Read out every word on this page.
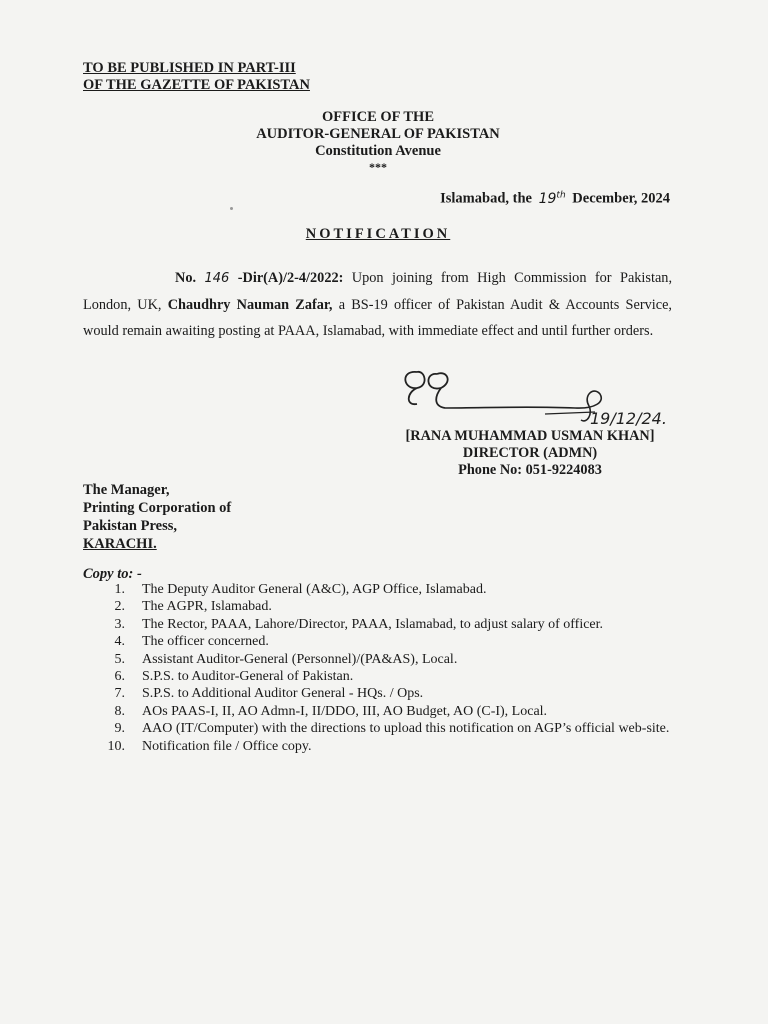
TO BE PUBLISHED IN PART-III
OF THE GAZETTE OF PAKISTAN
OFFICE OF THE
AUDITOR-GENERAL OF PAKISTAN
Constitution Avenue
***
Islamabad, the 19th December, 2024
NOTIFICATION
No. 146 -Dir(A)/2-4/2022: Upon joining from High Commission for Pakistan, London, UK, Chaudhry Nauman Zafar, a BS-19 officer of Pakistan Audit & Accounts Service, would remain awaiting posting at PAAA, Islamabad, with immediate effect and until further orders.
19/12/24.
[RANA MUHAMMAD USMAN KHAN]
DIRECTOR (ADMN)
Phone No: 051-9224083
The Manager,
Printing Corporation of
Pakistan Press,
KARACHI.
Copy to: -
1.	The Deputy Auditor General (A&C), AGP Office, Islamabad.
2.	The AGPR, Islamabad.
3.	The Rector, PAAA, Lahore/Director, PAAA, Islamabad, to adjust salary of officer.
4.	The officer concerned.
5.	Assistant Auditor-General (Personnel)/(PA&AS), Local.
6.	S.P.S. to Auditor-General of Pakistan.
7.	S.P.S. to Additional Auditor General - HQs. / Ops.
8.	AOs PAAS-I, II, AO Admn-I, II/DDO, III, AO Budget, AO (C-I), Local.
9.	AAO (IT/Computer) with the directions to upload this notification on AGP’s official web-site.
10.	Notification file / Office copy.
